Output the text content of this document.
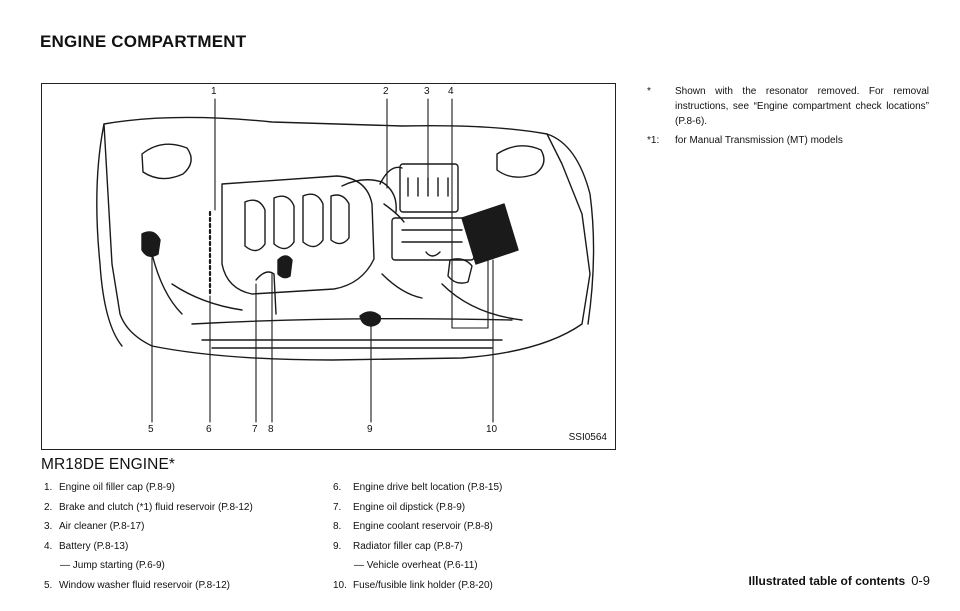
ENGINE COMPARTMENT
1	2	3 4
5	6	7 8	9	10
SSI0564
MR18DE ENGINE*
1. Engine oil filler cap (P.8-9)
2. Brake and clutch (*1) fluid reservoir (P.8-12)
3. Air cleaner (P.8-17)
4. Battery (P.8-13)
— Jump starting (P.6-9)
5. Window washer fluid reservoir (P.8-12)
6.	Engine drive belt location (P.8-15)
7.	Engine oil dipstick (P.8-9)
8.	Engine coolant reservoir (P.8-8)
9.	Radiator filler cap (P.8-7)
— Vehicle overheat (P.6-11)
10. Fuse/fusible link holder (P.8-20)
*	Shown with the resonator removed. For removal instructions, see “Engine compartment check locations” (P.8-6).
*1:	for Manual Transmission (MT) models
Illustrated table of contents 0-9
